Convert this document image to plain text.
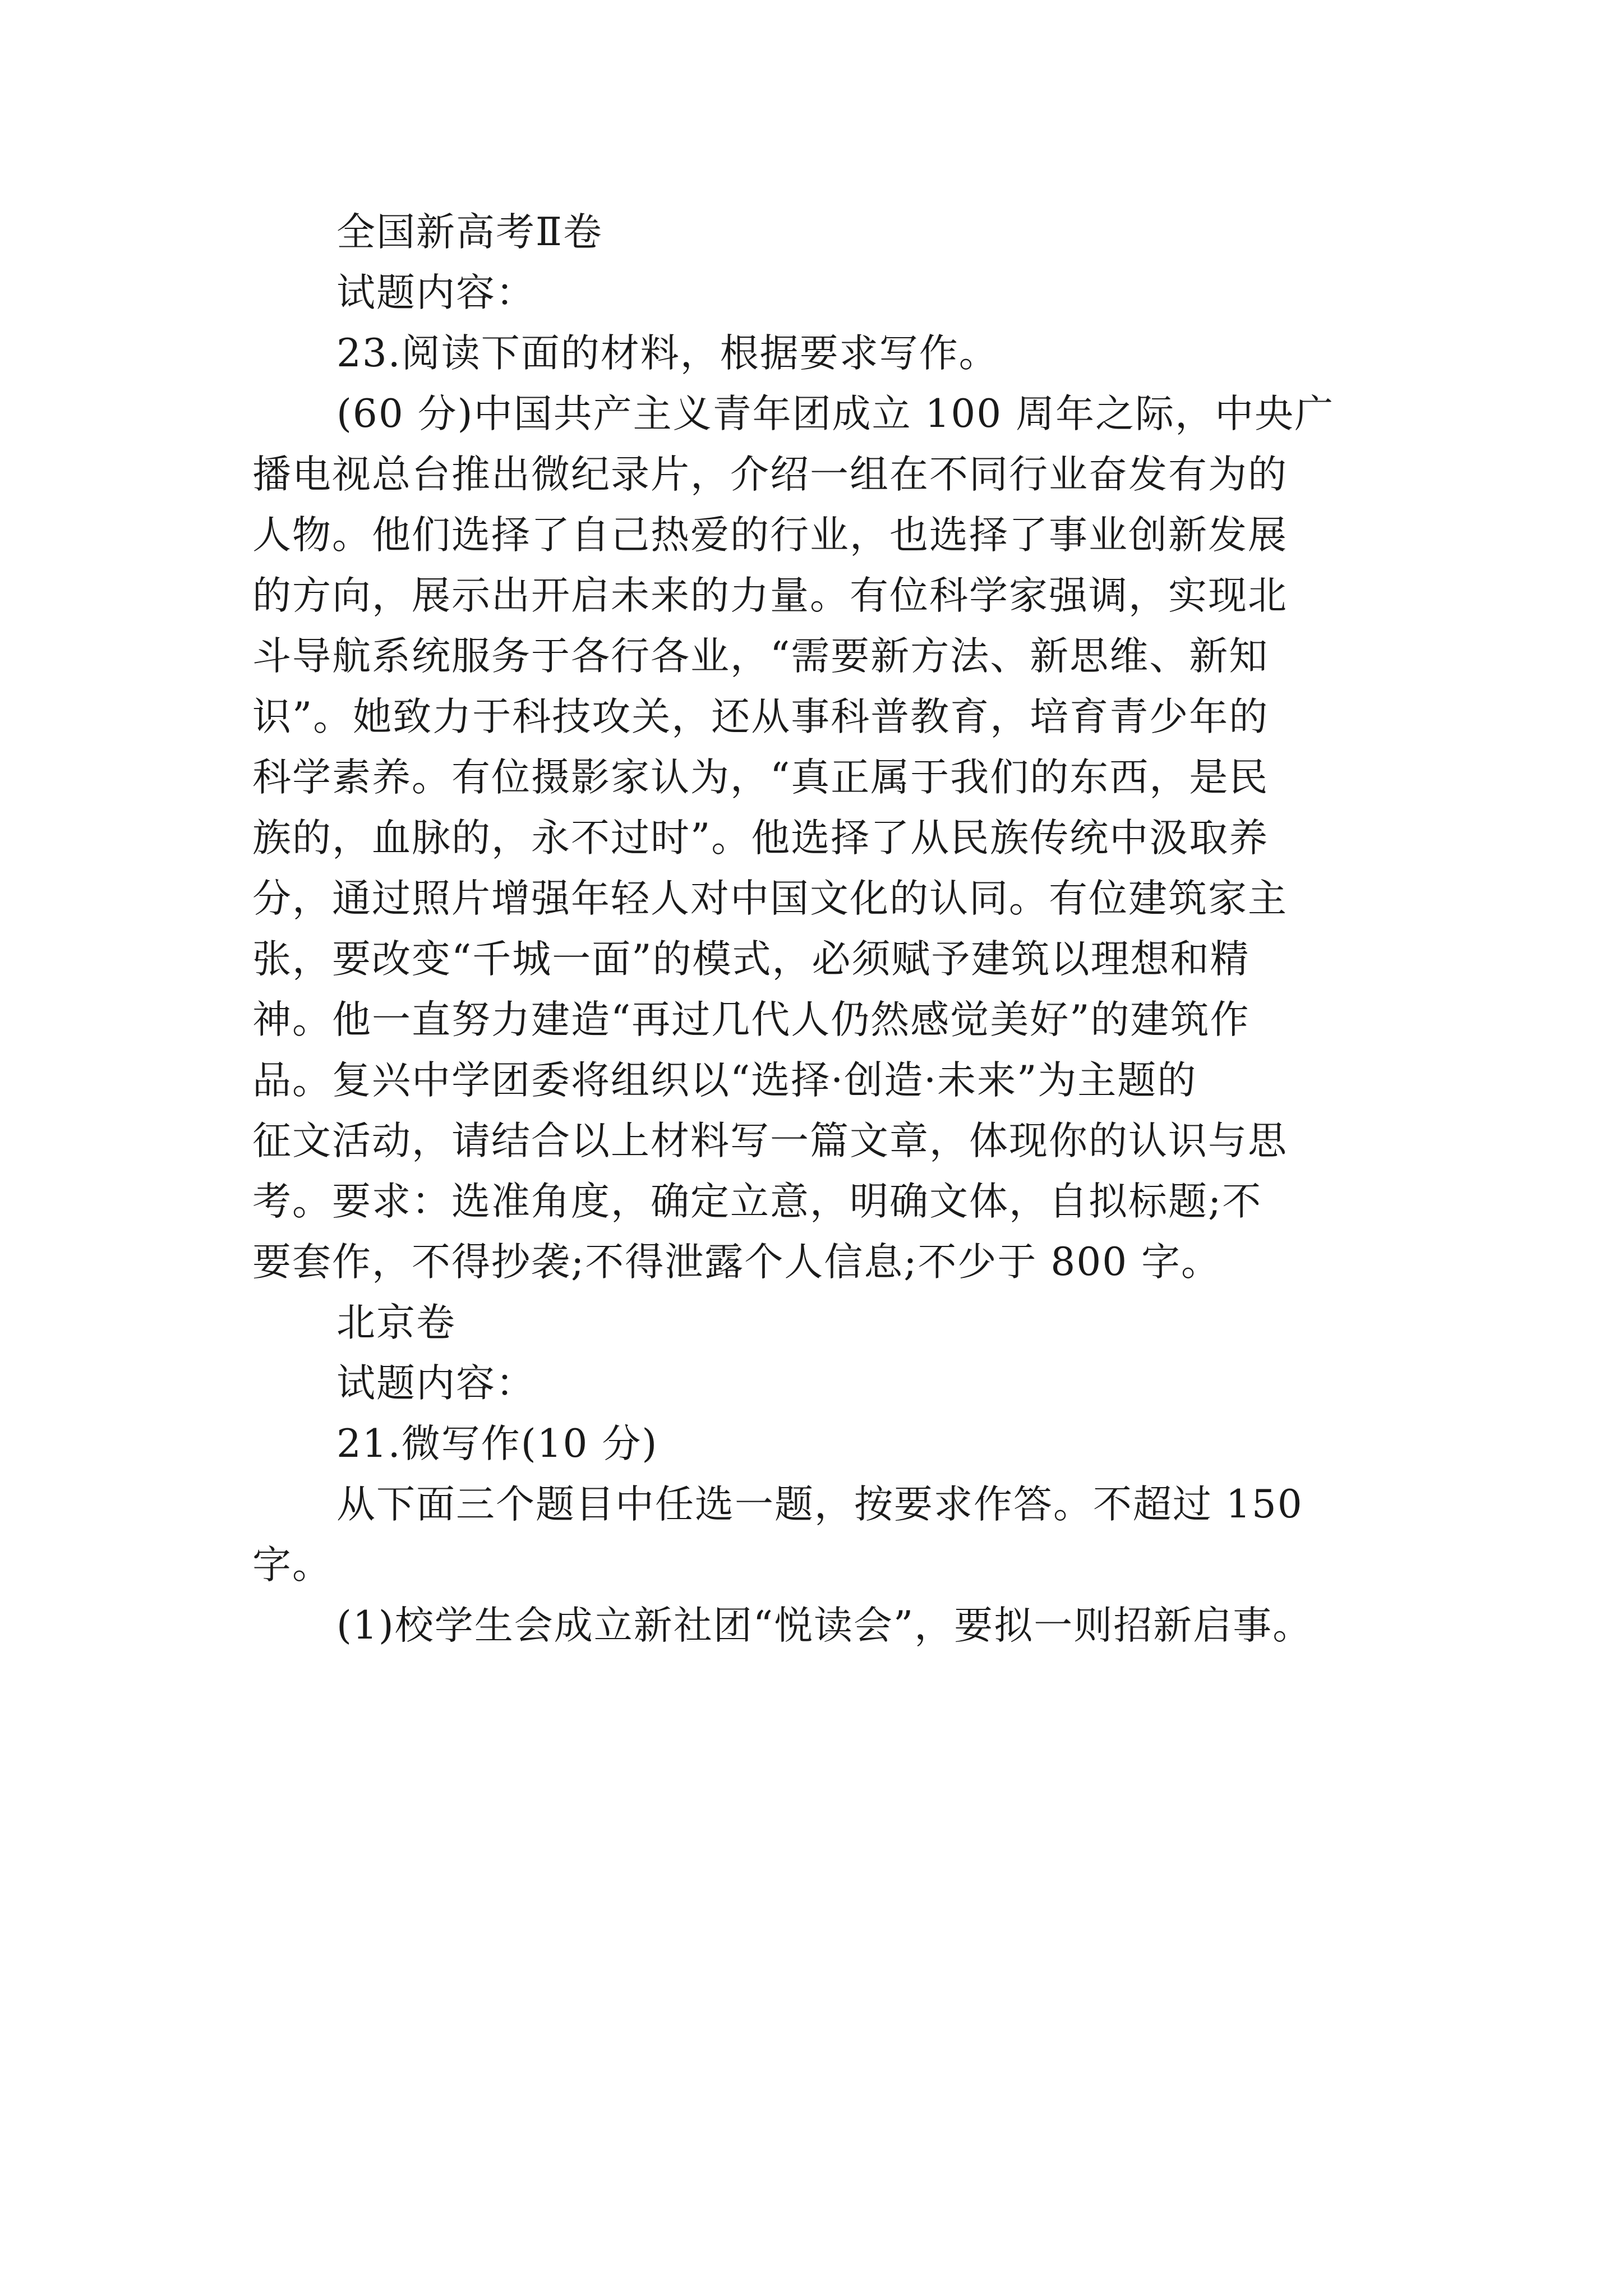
全国新高考Ⅱ卷
试题内容：
23.阅读下面的材料，根据要求写作。
(60 分)中国共产主义青年团成立 100 周年之际，中央广
播电视总台推出微纪录片，介绍一组在不同行业奋发有为的
人物。他们选择了自己热爱的行业，也选择了事业创新发展
的方向，展示出开启未来的力量。有位科学家强调，实现北
斗导航系统服务于各行各业，“需要新方法、新思维、新知
识”。她致力于科技攻关，还从事科普教育，培育青少年的
科学素养。有位摄影家认为，“真正属于我们的东西，是民
族的，血脉的，永不过时”。他选择了从民族传统中汲取养
分，通过照片增强年轻人对中国文化的认同。有位建筑家主
张，要改变“千城一面”的模式，必须赋予建筑以理想和精
神。他一直努力建造“再过几代人仍然感觉美好”的建筑作
品。复兴中学团委将组织以“选择·创造·未来”为主题的
征文活动，请结合以上材料写一篇文章，体现你的认识与思
考。要求：选准角度，确定立意，明确文体，自拟标题;不
要套作，不得抄袭;不得泄露个人信息;不少于 800 字。
北京卷
试题内容：
21.微写作(10 分)
从下面三个题目中任选一题，按要求作答。不超过 150
字。
(1)校学生会成立新社团“悦读会”，要拟一则招新启事。
